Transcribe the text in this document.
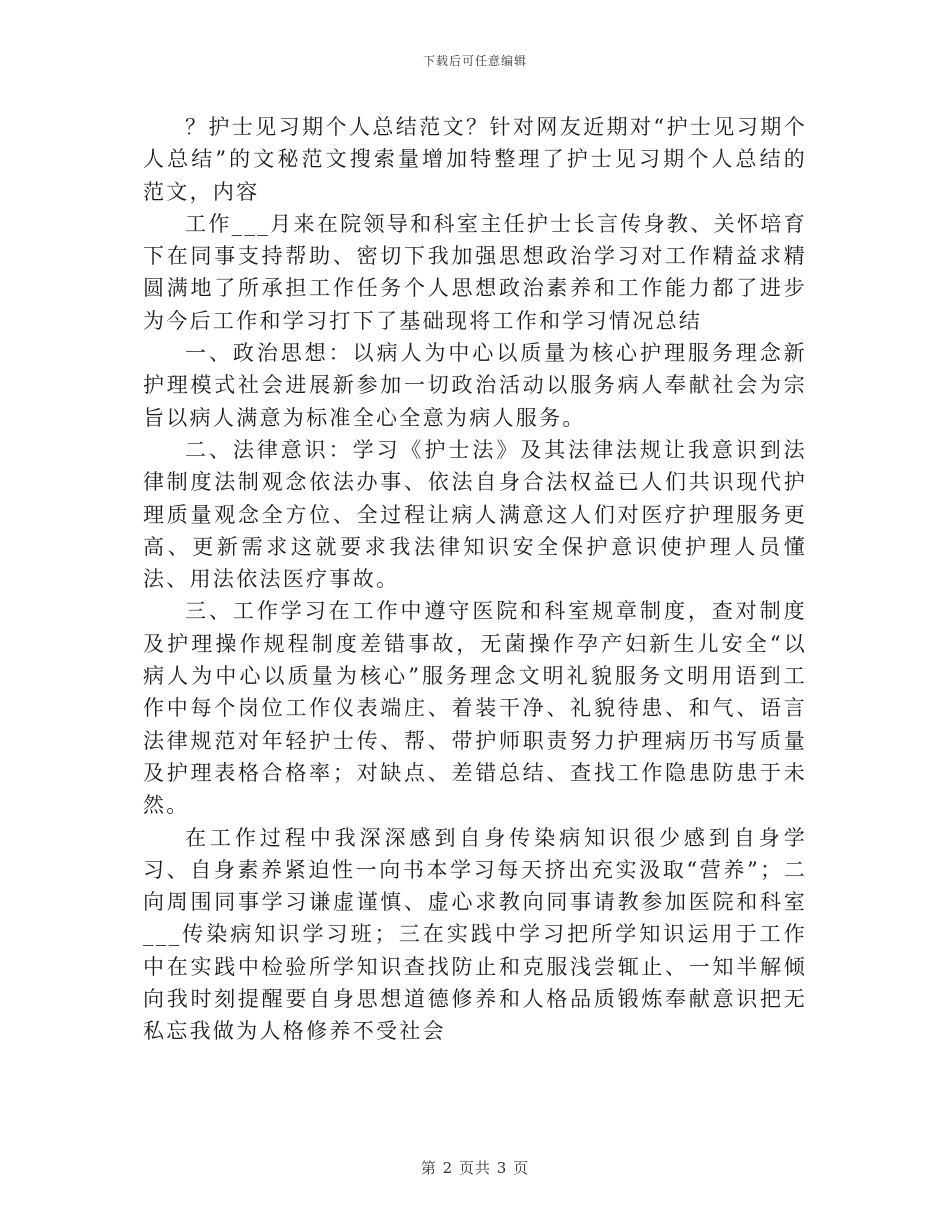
下载后可任意编辑

？护士见习期个人总结范文？针对网友近期对“护士见习期个人总结”的文秘范文搜索量增加特整理了护士见习期个人总结的范文，内容

工作___月来在院领导和科室主任护士长言传身教、关怀培育下在同事支持帮助、密切下我加强思想政治学习对工作精益求精圆满地了所承担工作任务个人思想政治素养和工作能力都了进步为今后工作和学习打下了基础现将工作和学习情况总结

一、政治思想：以病人为中心以质量为核心护理服务理念新护理模式社会进展新参加一切政治活动以服务病人奉献社会为宗旨以病人满意为标准全心全意为病人服务。

二、法律意识：学习《护士法》及其法律法规让我意识到法律制度法制观念依法办事、依法自身合法权益已人们共识现代护理质量观念全方位、全过程让病人满意这人们对医疗护理服务更高、更新需求这就要求我法律知识安全保护意识使护理人员懂法、用法依法医疗事故。

三、工作学习在工作中遵守医院和科室规章制度，查对制度及护理操作规程制度差错事故，无菌操作孕产妇新生儿安全“以病人为中心以质量为核心”服务理念文明礼貌服务文明用语到工作中每个岗位工作仪表端庄、着装干净、礼貌待患、和气、语言法律规范对年轻护士传、帮、带护师职责努力护理病历书写质量及护理表格合格率；对缺点、差错总结、查找工作隐患防患于未然。

在工作过程中我深深感到自身传染病知识很少感到自身学习、自身素养紧迫性一向书本学习每天挤出充实汲取“营养”；二向周围同事学习谦虚谨慎、虚心求教向同事请教参加医院和科室___传染病知识学习班；三在实践中学习把所学知识运用于工作中在实践中检验所学知识查找防止和克服浅尝辄止、一知半解倾向我时刻提醒要自身思想道德修养和人格品质锻炼奉献意识把无私忘我做为人格修养不受社会

第 2 页共 3 页
